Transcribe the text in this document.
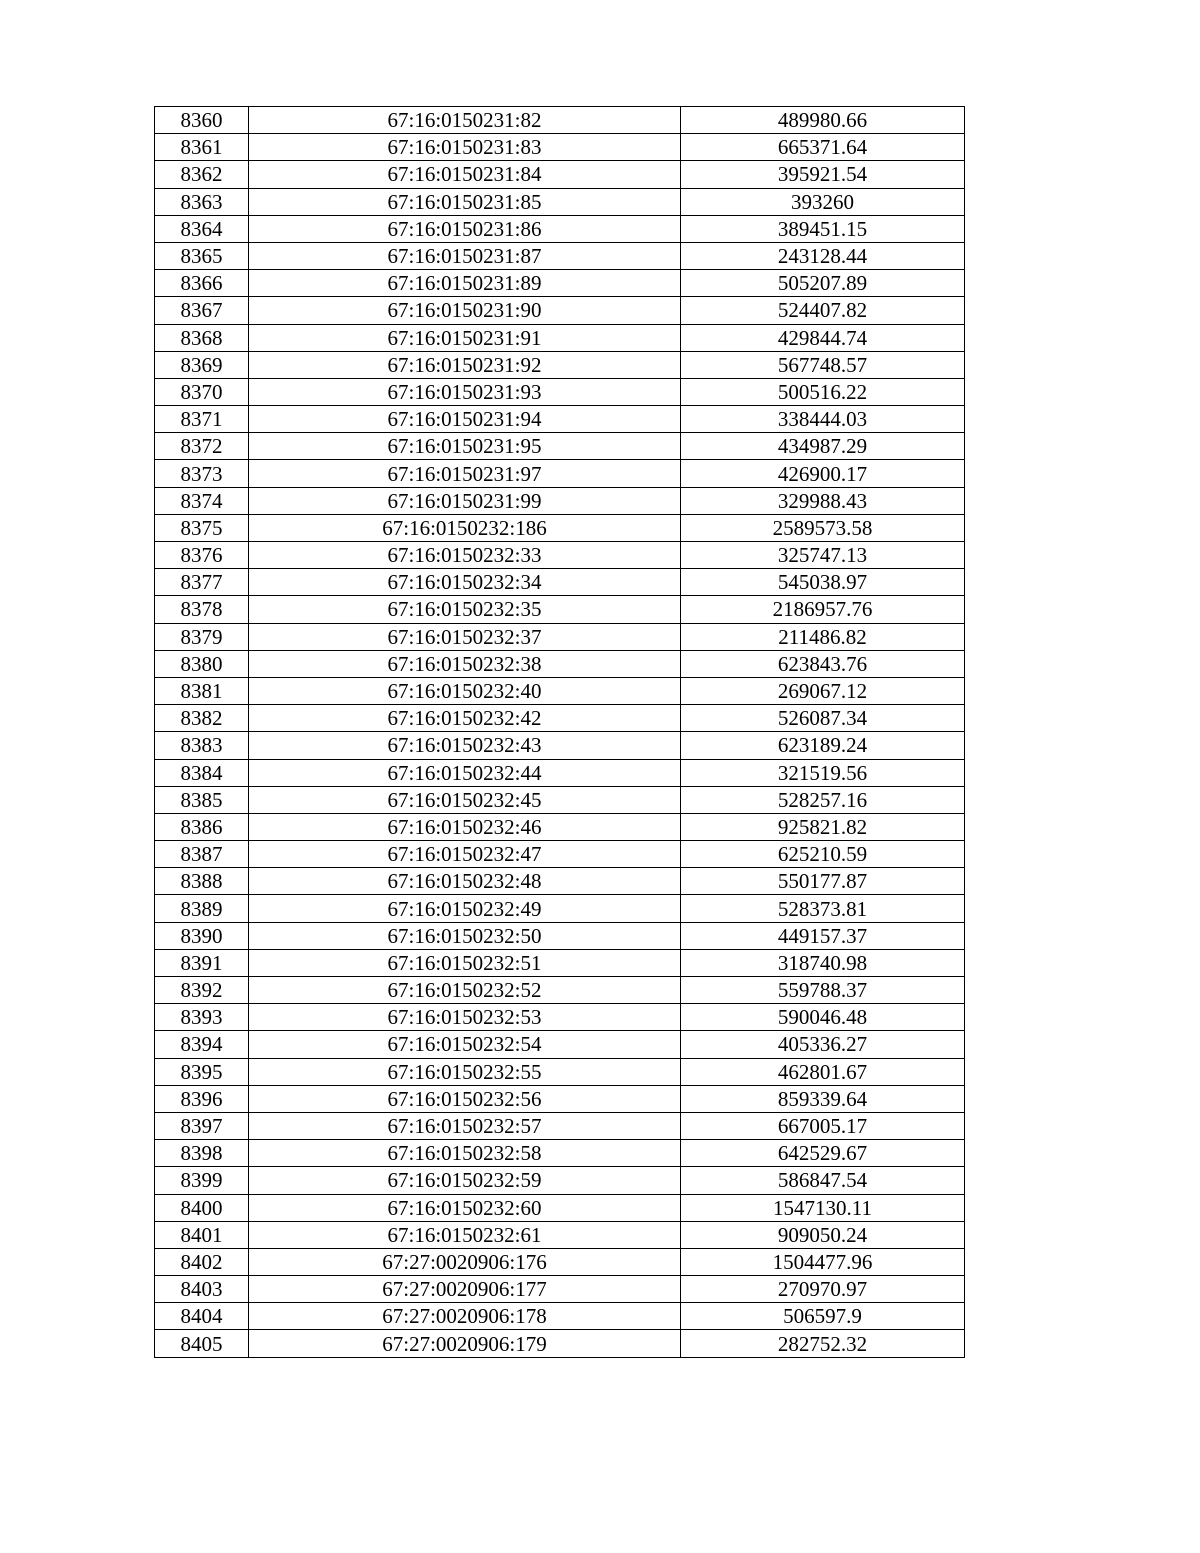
8360	67:16:0150231:82	489980.66
8361	67:16:0150231:83	665371.64
8362	67:16:0150231:84	395921.54
8363	67:16:0150231:85	393260
8364	67:16:0150231:86	389451.15
8365	67:16:0150231:87	243128.44
8366	67:16:0150231:89	505207.89
8367	67:16:0150231:90	524407.82
8368	67:16:0150231:91	429844.74
8369	67:16:0150231:92	567748.57
8370	67:16:0150231:93	500516.22
8371	67:16:0150231:94	338444.03
8372	67:16:0150231:95	434987.29
8373	67:16:0150231:97	426900.17
8374	67:16:0150231:99	329988.43
8375	67:16:0150232:186	2589573.58
8376	67:16:0150232:33	325747.13
8377	67:16:0150232:34	545038.97
8378	67:16:0150232:35	2186957.76
8379	67:16:0150232:37	211486.82
8380	67:16:0150232:38	623843.76
8381	67:16:0150232:40	269067.12
8382	67:16:0150232:42	526087.34
8383	67:16:0150232:43	623189.24
8384	67:16:0150232:44	321519.56
8385	67:16:0150232:45	528257.16
8386	67:16:0150232:46	925821.82
8387	67:16:0150232:47	625210.59
8388	67:16:0150232:48	550177.87
8389	67:16:0150232:49	528373.81
8390	67:16:0150232:50	449157.37
8391	67:16:0150232:51	318740.98
8392	67:16:0150232:52	559788.37
8393	67:16:0150232:53	590046.48
8394	67:16:0150232:54	405336.27
8395	67:16:0150232:55	462801.67
8396	67:16:0150232:56	859339.64
8397	67:16:0150232:57	667005.17
8398	67:16:0150232:58	642529.67
8399	67:16:0150232:59	586847.54
8400	67:16:0150232:60	1547130.11
8401	67:16:0150232:61	909050.24
8402	67:27:0020906:176	1504477.96
8403	67:27:0020906:177	270970.97
8404	67:27:0020906:178	506597.9
8405	67:27:0020906:179	282752.32
